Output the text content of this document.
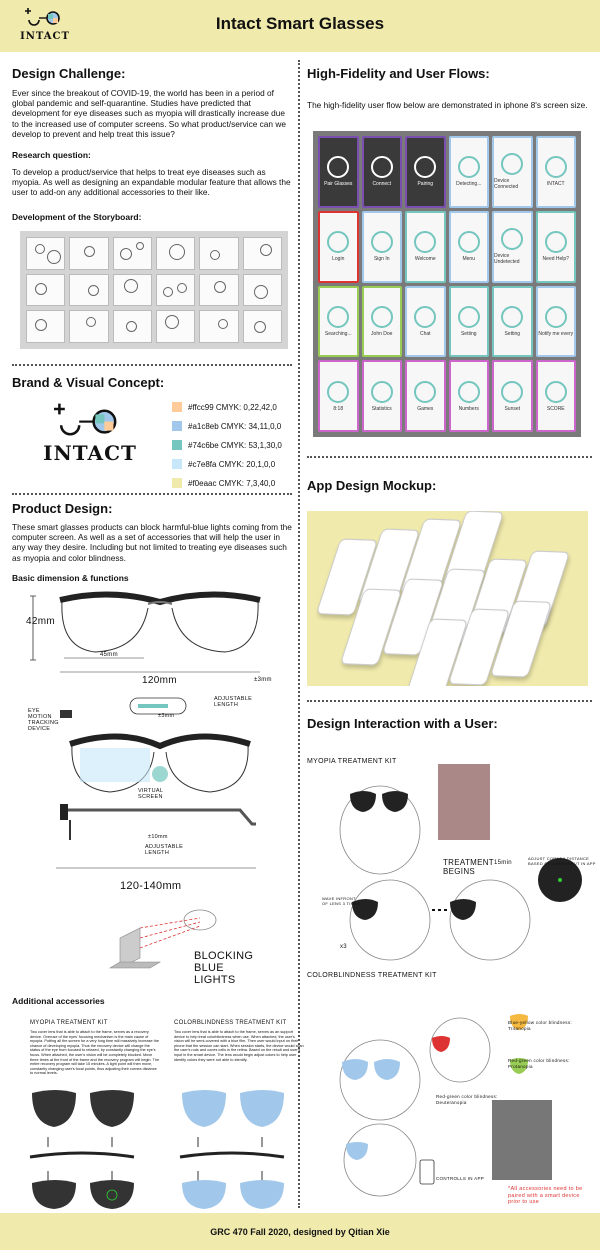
INTACT
Intact Smart Glasses
Design Challenge:

Ever since the breakout of COVID-19, the world has been in a period of global pandemic and self-quarantine. Studies have predicted that development for eye diseases such as myopia will drastically increase due to the increased use of computer screens. So what product/service can we develop to prevent and help treat this issue?

Research question:

To develop a product/service that helps to treat eye diseases such as myopia. As well as designing an expandable modular feature that allows the user to add-on any additional accessories to their like.

Development of the Storyboard:
Brand & Visual Concept:
INTACT
#ffcc99 CMYK: 0,22,42,0
#a1c8eb CMYK: 34,11,0,0
#74c6be CMYK: 53,1,30,0
#c7e8fa CMYK: 20,1,0,0
#f0eaac CMYK: 7,3,40,0
Product Design:

These smart glasses products can block harmful-blue lights coming from the computer screen. As well as a set of accessories that will help the user in any way they desire. Including but not limited to treating eye diseases such as myopia and color blindness.

Basic dimension & functions
42mm
45mm
120mm	±3mm
EYE MOTION TRACKING DEVICE
ADJUSTABLE LENGTH
±3mm
VIRTUAL SCREEN
±10mm
ADJUSTABLE LENGTH
120-140mm
BLOCKING BLUE LIGHTS
Additional accessories
MYOPIA TREATMENT KIT

Two cover lens that is able to attach to the frame, serves as a recovery device. Overuse of the eyes' focusing mechanism is the main cause of myopia. Putting all the screen for a very long time will massively increase the chance of developing myopia. Thus the recovery device will change the status of the eye from focused to relaxed, by constantly changing the eye's focus. When attached, the user's vision will be completely blocked. Move three times at the front of the frame and the recovery program will begin. The entire recovery program will take 15 minutes. A light point will then move, constantly changing user's focal points, thus adjusting their cornea distance to normal levels.

COLORBLINDNESS TREATMENT KIT

Two cover lens that is able to attach to the frame, serves as an support device to help treat colorblindness when use. When attached, the user's vision will be semi-covered with a blue film. Then user would input on their phone that the session can start. When session starts, the device would scan the user's rods and cones cells in the retina. Based on the result and user's input in the smart device. The lens would begin adjust colors to help user identify colors they were not able to identify.

High-Fidelity and User Flows:

The high-fidelity user flow below are demonstrated in iphone 8's screen size.

Pair Glasses	Connect	Pairing	Detecting...	Device Connected	INTACT
Login	Sign In	Welcome	Menu	Device Undetected	Need Help?
Searching...	John Doe	Chat	Setting	Setting	Notify me every
8:18	Statistics	Games	Numbers	Sunset	SCORE
App Design Mockup:
Design Interaction with a User:
MYOPIA TREATMENT KIT
TREATMENT BEGINS
15min
ADJUST CORNEA DISTANCE BASED ON USER INPUT IN APP
WAVE INFRONT OF LENS 3 TIMES
x3
COLORBLINDNESS TREATMENT KIT
Blue-yellow color blindness: Tritanopia
Red-green color blindness: Protanopia
Red-green color blindness: Deuteranopia
CONTROLLS IN APP
*All accessories need to be paired with a smart device prior to use
GRC 470 Fall 2020, designed by Qitian Xie
